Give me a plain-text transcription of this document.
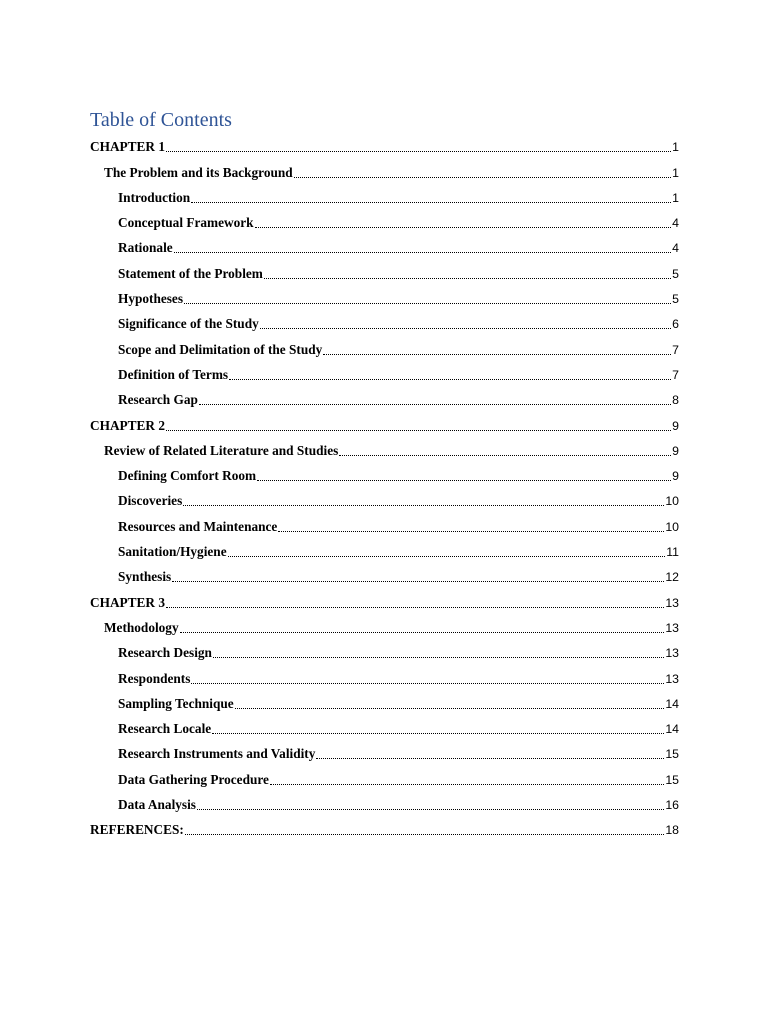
Table of Contents
CHAPTER 1	1
The Problem and its Background	1
Introduction	1
Conceptual Framework	4
Rationale	4
Statement of the Problem	5
Hypotheses	5
Significance of the Study	6
Scope and Delimitation of the Study	7
Definition of Terms	7
Research Gap	8
CHAPTER 2	9
Review of Related Literature and Studies	9
Defining Comfort Room	9
Discoveries	10
Resources and Maintenance	10
Sanitation/Hygiene	11
Synthesis	12
CHAPTER 3	13
Methodology	13
Research Design	13
Respondents	13
Sampling Technique	14
Research Locale	14
Research Instruments and Validity	15
Data Gathering Procedure	15
Data Analysis	16
REFERENCES:	18
